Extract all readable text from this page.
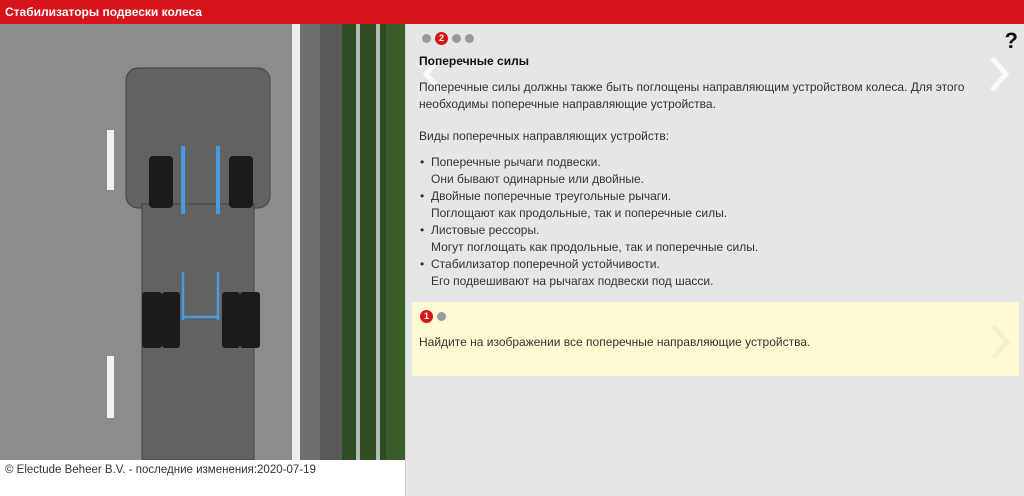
Стабилизаторы подвески колеса
© Electude Beheer B.V. - последние изменения:2020-07-19
2	?
Поперечные силы
Поперечные силы должны также быть поглощены направляющим устройством колеса. Для этого необходимы поперечные направляющие устройства.
Виды поперечных направляющих устройств:
• Поперечные рычаги подвески.
Они бывают одинарные или двойные.
• Двойные поперечные треугольные рычаги.
Поглощают как продольные, так и поперечные силы.
• Листовые рессоры.
Могут поглощать как продольные, так и поперечные силы.
• Стабилизатор поперечной устойчивости.
Его подвешивают на рычагах подвески под шасси.
1
Найдите на изображении все поперечные направляющие устройства.
